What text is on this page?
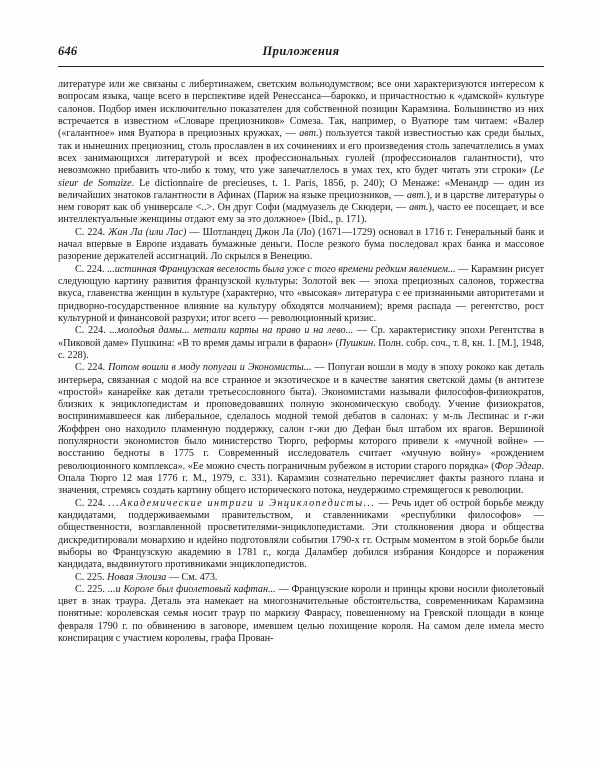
646	Приложения

литературе или же связаны с либертинажем, светским вольнодумством; все они характеризуются интересом к вопросам языка, чаще всего в перспективе идей Ренессанса—барокко, и причастностью к «дамской» культуре салонов. Подбор имен исключительно показателен для собственной позиции Карамзина. Большинство из них встречается в известном «Словаре прециозников» Сомеза. Так, например, о Вуатюре там читаем: «Валер («галантное» имя Вуатюра в прециозных кружках, — авт.) пользуется такой известностью как среди былых, так и нынешних прециозниц, столь прославлен в их сочинениях и его произведения столь запечатлелись в умах всех занимающихся литературой и всех профессиональных гуолей (профессионалов галантности), что невозможно прибавить что-либо к тому, что уже запечатлелось в умах тех, кто будет читать эти строки» (Le sieur de Somaize. Le dictionnaire de precieuses, t. 1. Paris, 1856, p. 240); О Менаже: «Менандр — один из величайших знатоков галантности в Афинах (Париж на языке прециозников, — авт.), и в царстве литературы о нем говорят как об универсале <..>. Он друг Софи (мадмуазель де Скюдери, — авт.), часто ее посещает, и все интеллектуальные женщины отдают ему за это должное» (Ibid., p. 171).

С. 224. Жан Ла (или Лас) — Шотландец Джон Ла (Ло) (1671—1729) основал в 1716 г. Генеральный банк и начал впервые в Европе издавать бумажные деньги. После резкого бума последовал крах банка и массовое разорение держателей ассигнаций. Ло скрылся в Венецию.

С. 224. ...истинная Французская веселость была уже с того времени редким явлением... — Карамзин рисует следующую картину развития французской культуры: Золотой век — эпоха прециозных салонов, торжества вкуса, главенства женщин в культуре (характерно, что «высокая» литература с ее признанными авторитетами и придворно-государственное влияние на культуру обходятся молчанием); время распада — регентство, рост культурной и финансовой разрухи; итог всего — революционный кризис.

С. 224. ...молодыя дамы... метали карты на право и на лево... — Ср. характеристику эпохи Регентства в «Пиковой даме» Пушкина: «В то время дамы играли в фараон» (Пушкин. Полн. собр. соч., т. 8, кн. 1. [М.], 1948, с. 228).

С. 224. Потом вошли в моду попугаи и Экономисты... — Попугаи вошли в моду в эпоху рококо как деталь интерьера, связанная с модой на все странное и экзотическое и в качестве занятия светской дамы (в антитезе «простой» канарейке как детали третьесословного быта). Экономистами называли философов-физиократов, близких к энциклопедистам и проповедовавших полную экономическую свободу. Учение физиократов, воспринимавшееся как либеральное, сделалось модной темой дебатов в салонах: у м-ль Леспинас и г-жи Жоффрен оно находило пламенную поддержку, салон г-жи дю Дефан был штабом их врагов. Вершиной популярности экономистов было министерство Тюрго, реформы которого привели к «мучной войне» — восстанию бедноты в 1775 г. Современный исследователь считает «мучную войну» «рождением революционного комплекса». «Ее можно счесть пограничным рубежом в истории старого порядка» (Фор Эдгар. Опала Тюрго 12 мая 1776 г. М., 1979, с. 331). Карамзин сознательно перечисляет факты разного плана и значения, стремясь создать картину общего исторического потока, неудержимо стремящегося к революции.

С. 224. ...Академические интриги и Энциклопедисты... — Речь идет об острой борьбе между кандидатами, поддерживаемыми правительством, и ставленниками «республики философов» — общественности, возглавленной просветителями-энциклопедистами. Эти столкновения двора и общества дискредитировали монархию и идейно подготовляли события 1790-х гг. Острым моментом в этой борьбе были выборы во Французскую академию в 1781 г., когда Даламбер добился избрания Кондорсе и поражения кандидата, выдвинутого противниками энциклопедистов.

С. 225. Новая Элоиза — См. 473.

С. 225. ...и Короле был фиолетовый кафтан... — Французские короли и принцы крови носили фиолетовый цвет в знак траура. Деталь эта намекает на многозначительные обстоятельства, современникам Карамзина понятные: королевская семья носит траур по маркизу Фаврасу, повешенному на Гревской площади в конце февраля 1790 г. по обвинению в заговоре, имевшем целью похищение короля. На самом деле имела место конспирация с участием королевы, графа Прован-
